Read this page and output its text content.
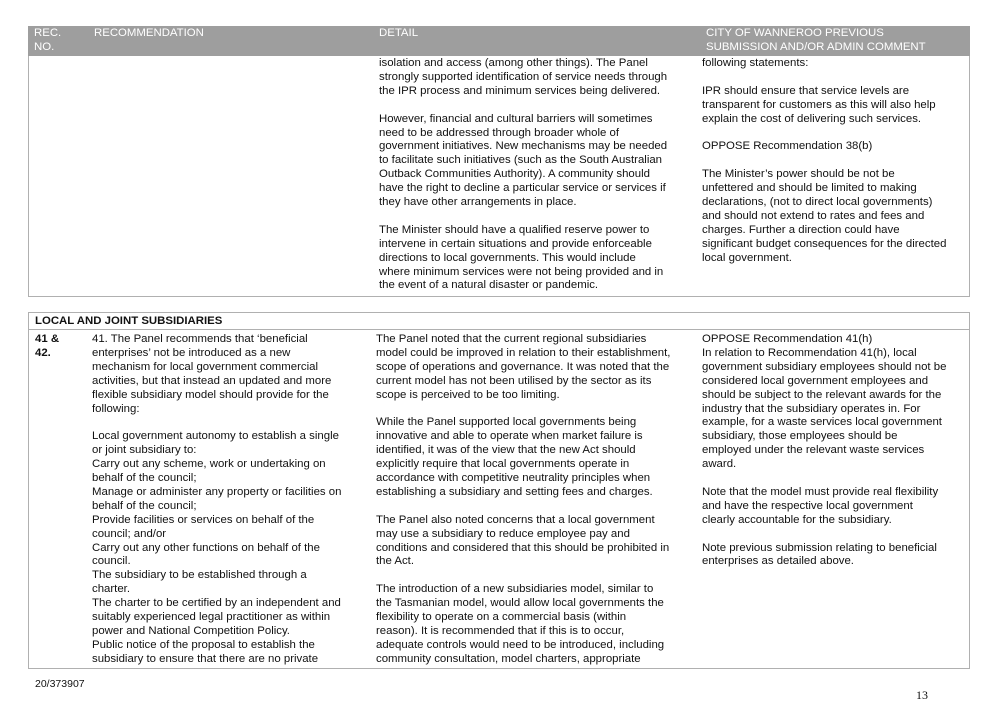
REC.
NO.
RECOMMENDATION	DETAIL	CITY OF WANNEROO PREVIOUS
SUBMISSION AND/OR ADMIN COMMENT
isolation and access (among other things). The Panel
strongly supported identification of service needs through
the IPR process and minimum services being delivered.
However, financial and cultural barriers will sometimes
need to be addressed through broader whole of
government initiatives. New mechanisms may be needed
to facilitate such initiatives (such as the South Australian
Outback Communities Authority). A community should
have the right to decline a particular service or services if
they have other arrangements in place.
The Minister should have a qualified reserve power to
intervene in certain situations and provide enforceable
directions to local governments. This would include
where minimum services were not being provided and in
the event of a natural disaster or pandemic.
following statements:
IPR should ensure that service levels are
transparent for customers as this will also help
explain the cost of delivering such services.
OPPOSE Recommendation 38(b)
The Minister’s power should be not be
unfettered and should be limited to making
declarations, (not to direct local governments)
and should not extend to rates and fees and
charges. Further a direction could have
significant budget consequences for the directed
local government.
LOCAL AND JOINT SUBSIDIARIES
41 &
42.
41. The Panel recommends that ‘beneficial
enterprises’ not be introduced as a new
mechanism for local government commercial
activities, but that instead an updated and more
flexible subsidiary model should provide for the
following:
Local government autonomy to establish a single
or joint subsidiary to:
Carry out any scheme, work or undertaking on
behalf of the council;
Manage or administer any property or facilities on
behalf of the council;
Provide facilities or services on behalf of the
council; and/or
Carry out any other functions on behalf of the
council.
The subsidiary to be established through a
charter.
The charter to be certified by an independent and
suitably experienced legal practitioner as within
power and National Competition Policy.
Public notice of the proposal to establish the
subsidiary to ensure that there are no private
The Panel noted that the current regional subsidiaries
model could be improved in relation to their establishment,
scope of operations and governance. It was noted that the
current model has not been utilised by the sector as its
scope is perceived to be too limiting.
While the Panel supported local governments being
innovative and able to operate when market failure is
identified, it was of the view that the new Act should
explicitly require that local governments operate in
accordance with competitive neutrality principles when
establishing a subsidiary and setting fees and charges.
The Panel also noted concerns that a local government
may use a subsidiary to reduce employee pay and
conditions and considered that this should be prohibited in
the Act.
The introduction of a new subsidiaries model, similar to
the Tasmanian model, would allow local governments the
flexibility to operate on a commercial basis (within
reason). It is recommended that if this is to occur,
adequate controls would need to be introduced, including
community consultation, model charters, appropriate
OPPOSE Recommendation 41(h)
In relation to Recommendation 41(h), local
government subsidiary employees should not be
considered local government employees and
should be subject to the relevant awards for the
industry that the subsidiary operates in. For
example, for a waste services local government
subsidiary, those employees should be
employed under the relevant waste services
award.
Note that the model must provide real flexibility
and have the respective local government
clearly accountable for the subsidiary.
Note previous submission relating to beneficial
enterprises as detailed above.
20/373907
13
